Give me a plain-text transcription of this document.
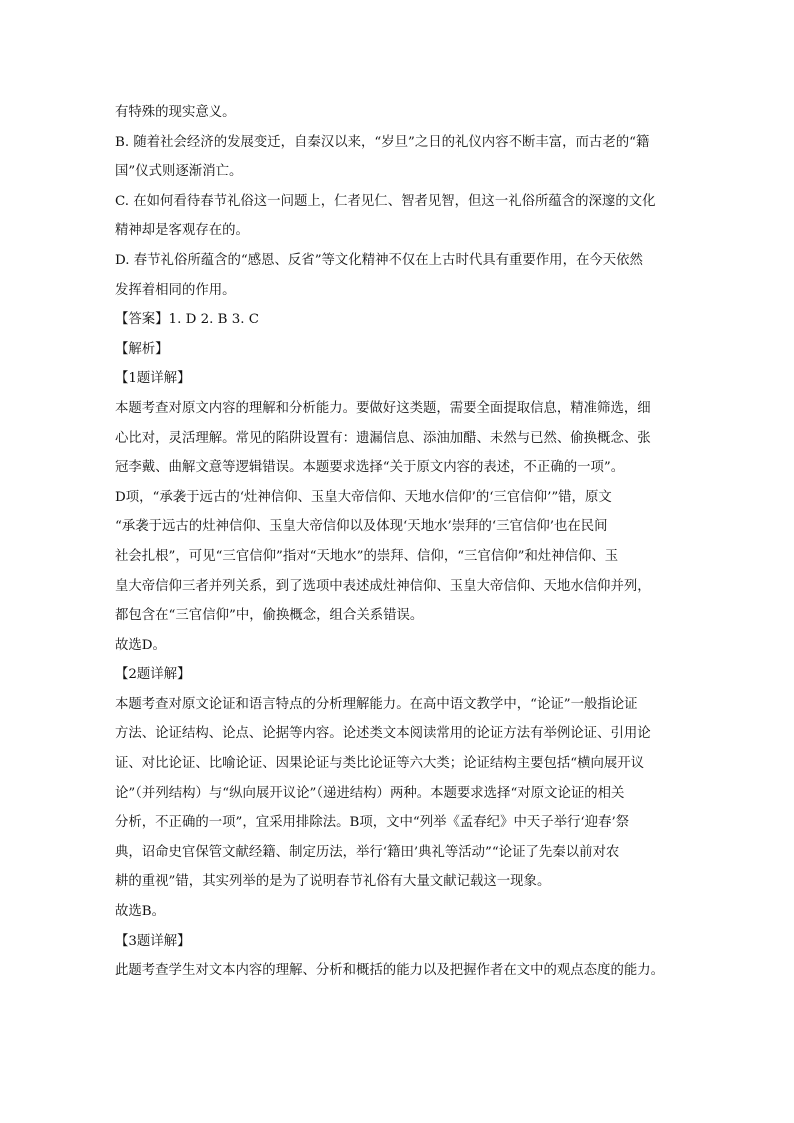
有特殊的现实意义。
B. 随着社会经济的发展变迁，自秦汉以来，“岁旦”之日的礼仪内容不断丰富，而古老的“籍
国”仪式则逐渐消亡。
C. 在如何看待春节礼俗这一问题上，仁者见仁、智者见智，但这一礼俗所蕴含的深邃的文化
精神却是客观存在的。
D. 春节礼俗所蕴含的“感恩、反省”等文化精神不仅在上古时代具有重要作用，在今天依然
发挥着相同的作用。
【答案】1. D 2. B 3. C
【解析】
【1题详解】
本题考查对原文内容的理解和分析能力。要做好这类题，需要全面提取信息，精准筛选，细
心比对，灵活理解。常见的陷阱设置有：遗漏信息、添油加醋、未然与已然、偷换概念、张
冠李戴、曲解文意等逻辑错误。本题要求选择“关于原文内容的表述，不正确的一项”。
D项，“承袭于远古的‘灶神信仰、玉皇大帝信仰、天地水信仰’的‘三官信仰’”错，原文
“承袭于远古的灶神信仰、玉皇大帝信仰以及体现‘天地水’崇拜的‘三官信仰’也在民间
社会扎根”，可见“三官信仰”指对“天地水”的崇拜、信仰，“三官信仰”和灶神信仰、玉
皇大帝信仰三者并列关系，到了选项中表述成灶神信仰、玉皇大帝信仰、天地水信仰并列，
都包含在“三官信仰”中，偷换概念，组合关系错误。
故选D。
【2题详解】
本题考查对原文论证和语言特点的分析理解能力。在高中语文教学中，“论证”一般指论证
方法、论证结构、论点、论据等内容。论述类文本阅读常用的论证方法有举例论证、引用论
证、对比论证、比喻论证、因果论证与类比论证等六大类；论证结构主要包括“横向展开议
论”（并列结构）与“纵向展开议论”（递进结构）两种。本题要求选择“对原文论证的相关
分析，不正确的一项”，宜采用排除法。B项，文中“列举《孟春纪》中天子举行‘迎春’祭
典，诏命史官保管文献经籍、制定历法，举行‘籍田’典礼等活动”“论证了先秦以前对农
耕的重视”错，其实列举的是为了说明春节礼俗有大量文献记载这一现象。
故选B。
【3题详解】
此题考查学生对文本内容的理解、分析和概括的能力以及把握作者在文中的观点态度的能力。
